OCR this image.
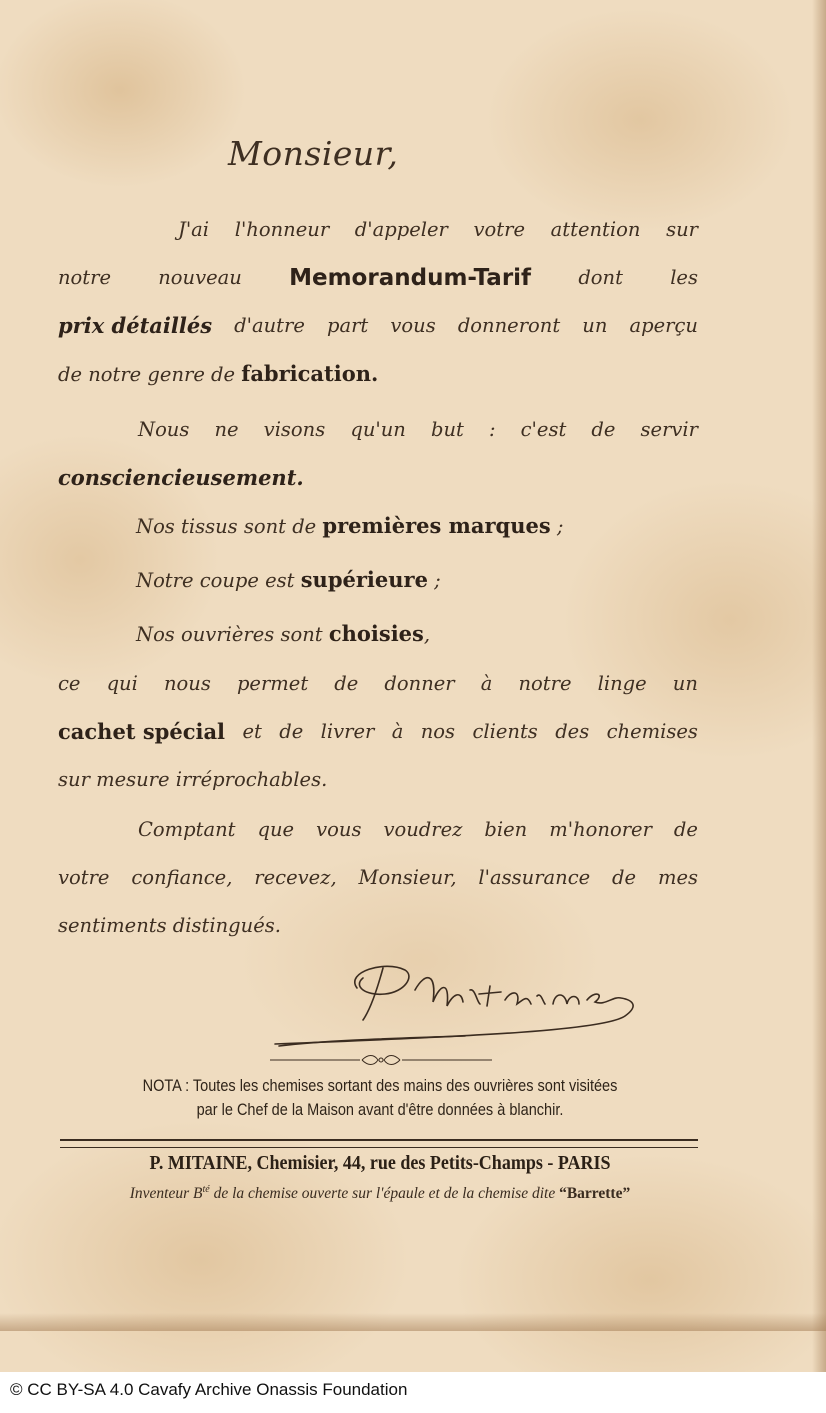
Monsieur,
J'ai l'honneur d'appeler votre attention sur
notre nouveau Memorandum-Tarif dont les
prix détaillés d'autre part vous donneront un aperçu
de notre genre de fabrication.
Nous ne visons qu'un but : c'est de servir
consciencieusement.
Nos tissus sont de premières marques ;
Notre coupe est supérieure ;
Nos ouvrières sont choisies,
ce qui nous permet de donner à notre linge un
cachet spécial et de livrer à nos clients des chemises
sur mesure irréprochables.
Comptant que vous voudrez bien m'honorer de
votre confiance, recevez, Monsieur, l'assurance de mes
sentiments distingués.
NOTA : Toutes les chemises sortant des mains des ouvrières sont visitées
par le Chef de la Maison avant d'être données à blanchir.
P. MITAINE, Chemisier, 44, rue des Petits-Champs - PARIS
Inventeur $B^{té}$ de la chemise ouverte sur l'épaule et de la chemise dite “Barrette”
© CC BY-SA 4.0 Cavafy Archive Onassis Foundation
